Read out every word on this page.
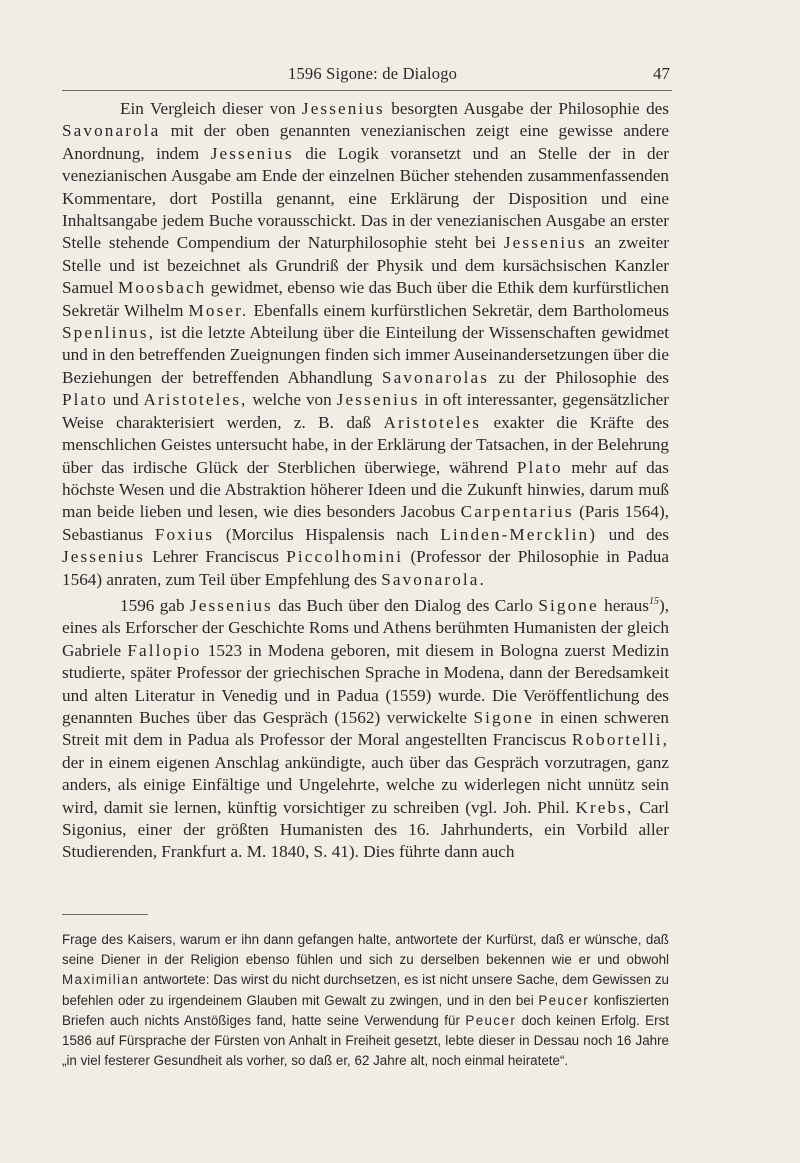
1596 Sigone: de Dialogo	47

Ein Vergleich dieser von Jessenius besorgten Ausgabe der Philosophie des Savonarola mit der oben genannten venezianischen zeigt eine gewisse andere Anordnung, indem Jessenius die Logik voransetzt und an Stelle der in der venezianischen Ausgabe am Ende der einzelnen Bücher stehenden zusammenfassenden Kommentare, dort Postilla genannt, eine Erklärung der Disposition und eine Inhaltsangabe jedem Buche vorausschickt. Das in der venezianischen Ausgabe an erster Stelle stehende Compendium der Naturphilosophie steht bei Jessenius an zweiter Stelle und ist bezeichnet als Grundriß der Physik und dem kursächsischen Kanzler Samuel Moosbach gewidmet, ebenso wie das Buch über die Ethik dem kurfürstlichen Sekretär Wilhelm Moser. Ebenfalls einem kurfürstlichen Sekretär, dem Bartholomeus Spenlinus, ist die letzte Abteilung über die Einteilung der Wissenschaften gewidmet und in den betreffenden Zueignungen finden sich immer Auseinandersetzungen über die Beziehungen der betreffenden Abhandlung Savonarolas zu der Philosophie des Plato und Aristoteles, welche von Jessenius in oft interessanter, gegensätzlicher Weise charakterisiert werden, z. B. daß Aristoteles exakter die Kräfte des menschlichen Geistes untersucht habe, in der Erklärung der Tatsachen, in der Belehrung über das irdische Glück der Sterblichen überwiege, während Plato mehr auf das höchste Wesen und die Abstraktion höherer Ideen und die Zukunft hinwies, darum muß man beide lieben und lesen, wie dies besonders Jacobus Carpentarius (Paris 1564), Sebastianus Foxius (Morcilus Hispalensis nach Linden-Mercklin) und des Jessenius Lehrer Franciscus Piccolhomini (Professor der Philosophie in Padua 1564) anraten, zum Teil über Empfehlung des Savonarola.

1596 gab Jessenius das Buch über den Dialog des Carlo Sigone heraus$^{15}$), eines als Erforscher der Geschichte Roms und Athens berühmten Humanisten der gleich Gabriele Fallopio 1523 in Modena geboren, mit diesem in Bologna zuerst Medizin studierte, später Professor der griechischen Sprache in Modena, dann der Beredsamkeit und alten Literatur in Venedig und in Padua (1559) wurde. Die Veröffentlichung des genannten Buches über das Gespräch (1562) verwickelte Sigone in einen schweren Streit mit dem in Padua als Professor der Moral angestellten Franciscus Robortelli, der in einem eigenen Anschlag ankündigte, auch über das Gespräch vorzutragen, ganz anders, als einige Einfältige und Ungelehrte, welche zu widerlegen nicht unnütz sein wird, damit sie lernen, künftig vorsichtiger zu schreiben (vgl. Joh. Phil. Krebs, Carl Sigonius, einer der größten Humanisten des 16. Jahrhunderts, ein Vorbild aller Studierenden, Frankfurt a. M. 1840, S. 41). Dies führte dann auch

Frage des Kaisers, warum er ihn dann gefangen halte, antwortete der Kurfürst, daß er wünsche, daß seine Diener in der Religion ebenso fühlen und sich zu derselben bekennen wie er und obwohl Maximilian antwortete: Das wirst du nicht durchsetzen, es ist nicht unsere Sache, dem Gewissen zu befehlen oder zu irgendeinem Glauben mit Gewalt zu zwingen, und in den bei Peucer konfiszierten Briefen auch nichts Anstößiges fand, hatte seine Verwendung für Peucer doch keinen Erfolg. Erst 1586 auf Fürsprache der Fürsten von Anhalt in Freiheit gesetzt, lebte dieser in Dessau noch 16 Jahre „in viel festerer Gesundheit als vorher, so daß er, 62 Jahre alt, noch einmal heiratete“.
